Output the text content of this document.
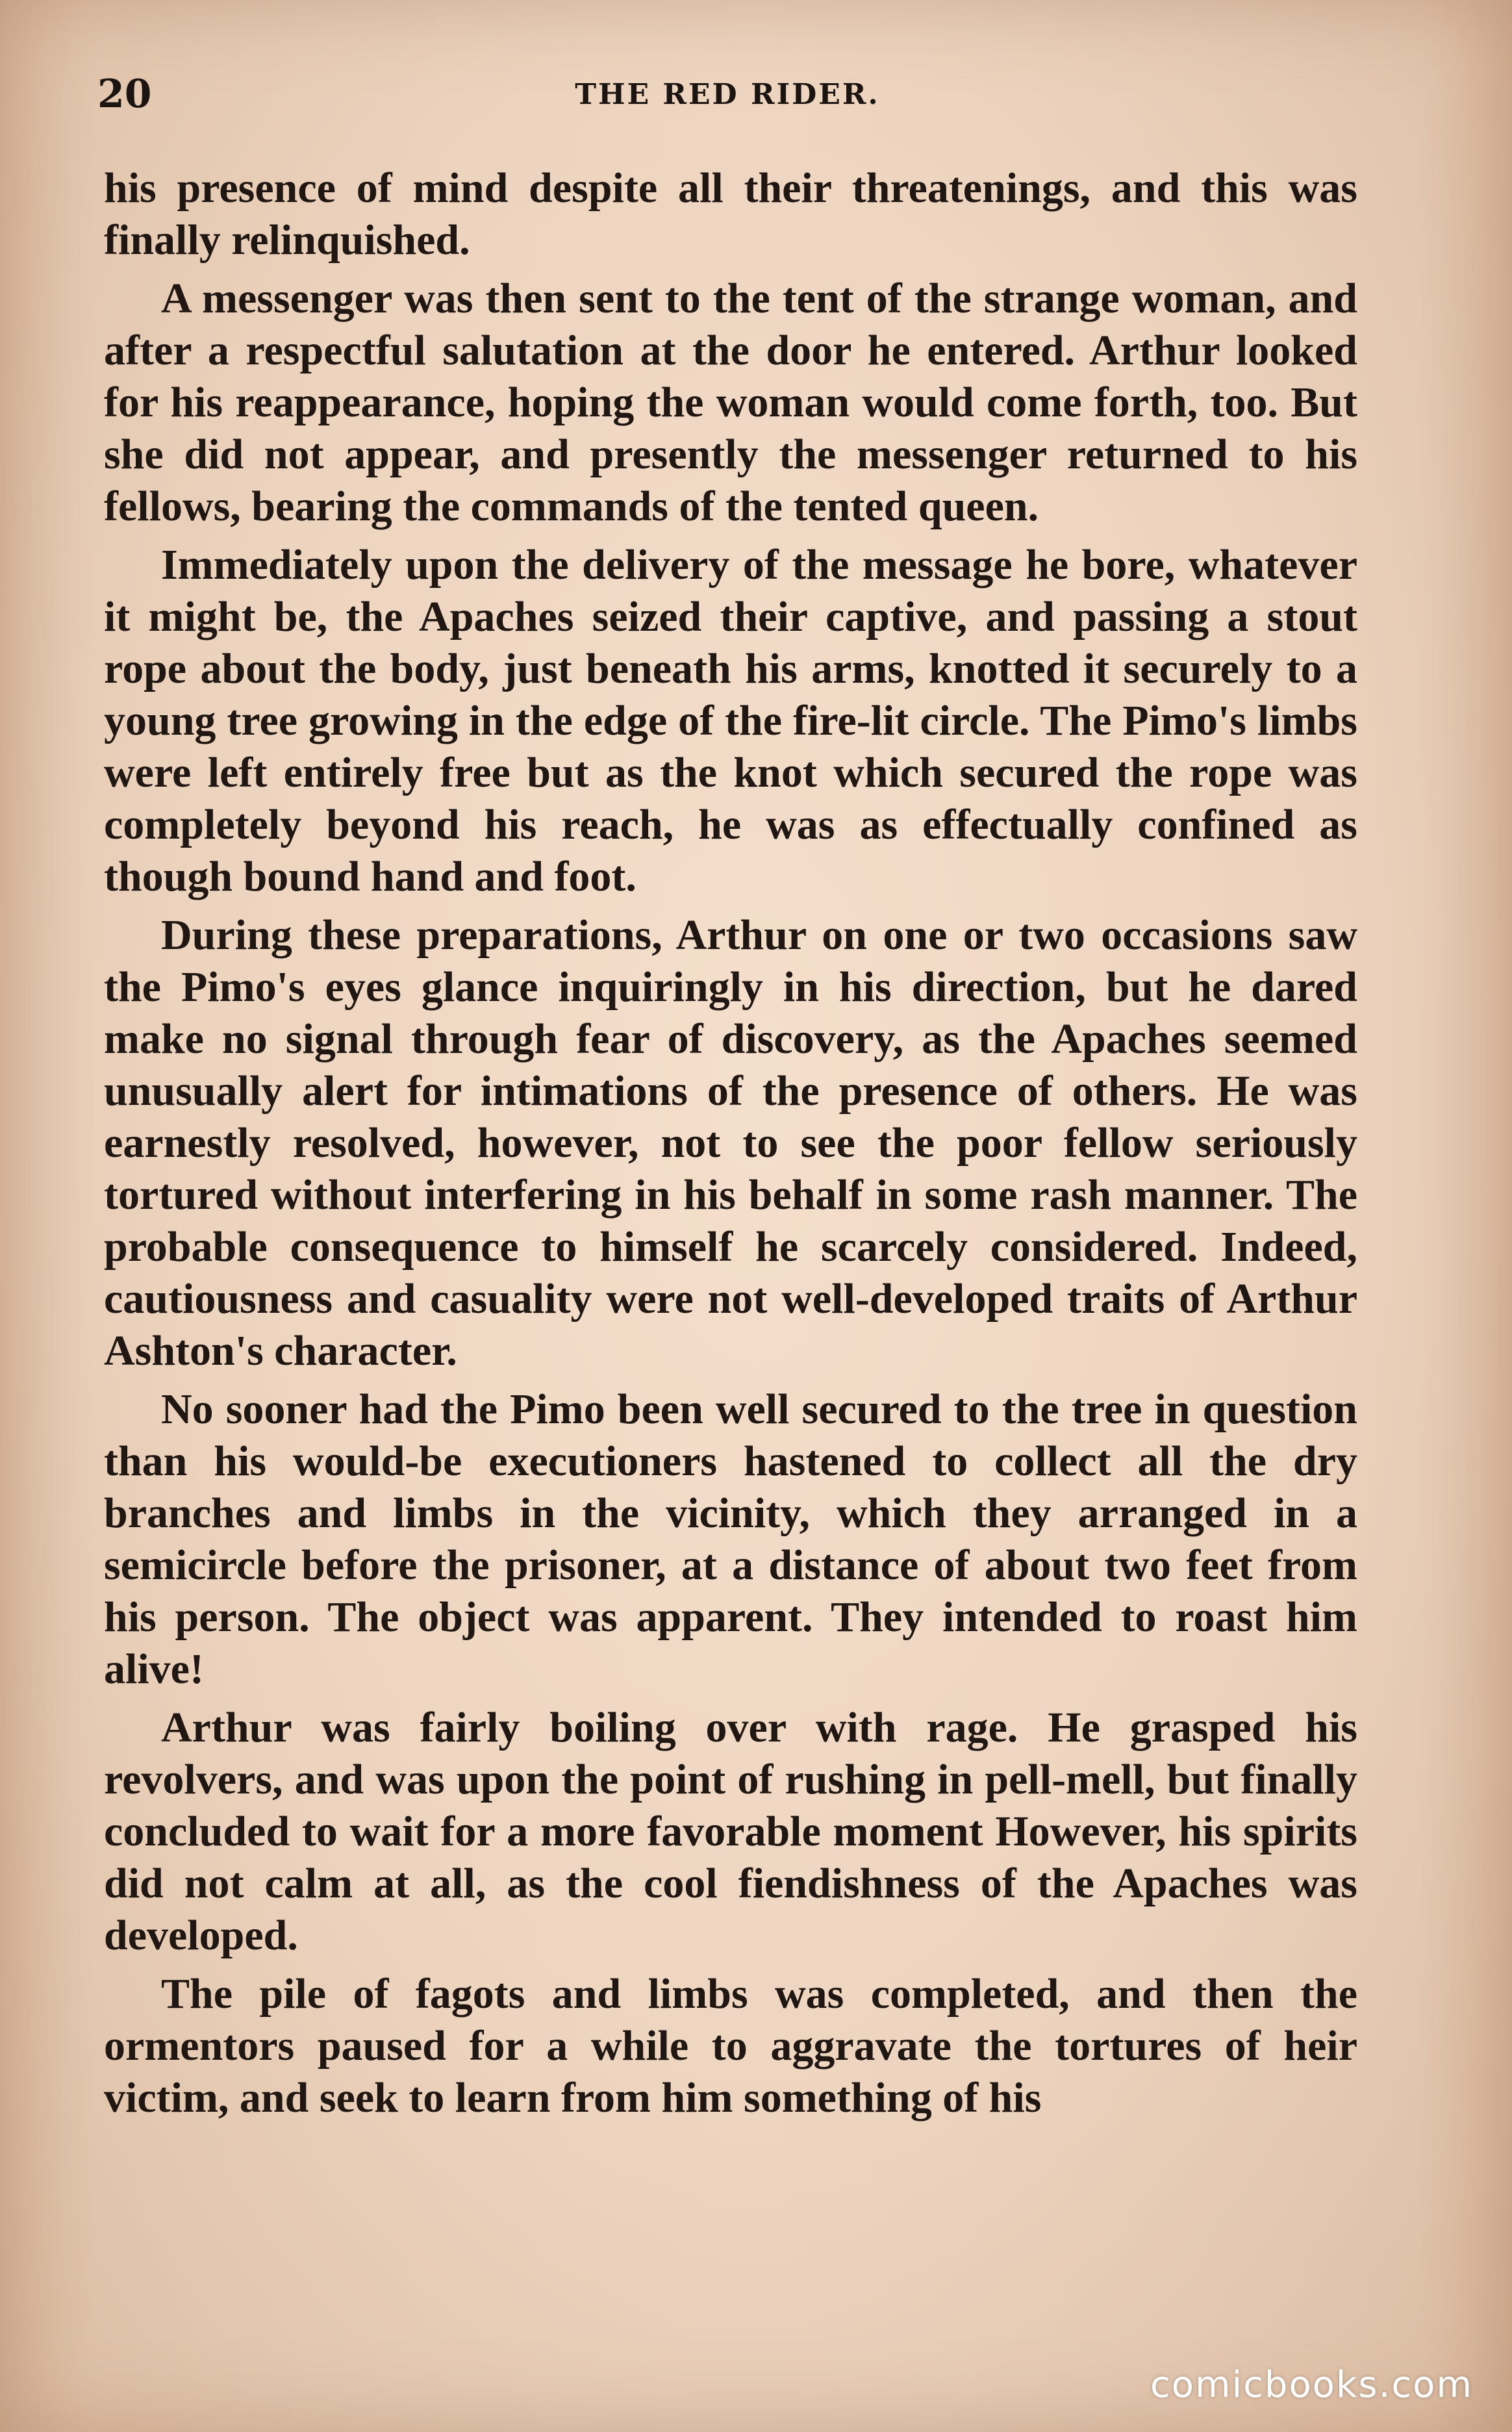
20	THE RED RIDER.

his presence of mind despite all their threatenings, and this was finally relinquished.

A messenger was then sent to the tent of the strange woman, and after a respectful salutation at the door he entered. Arthur looked for his reappearance, hoping the woman would come forth, too. But she did not appear, and presently the messenger returned to his fellows, bearing the commands of the tented queen.

Immediately upon the delivery of the message he bore, whatever it might be, the Apaches seized their captive, and passing a stout rope about the body, just beneath his arms, knotted it securely to a young tree growing in the edge of the fire-lit circle. The Pimo's limbs were left entirely free but as the knot which secured the rope was completely beyond his reach, he was as effectually confined as though bound hand and foot.

During these preparations, Arthur on one or two occasions saw the Pimo's eyes glance inquiringly in his direction, but he dared make no signal through fear of discovery, as the Apaches seemed unusually alert for intimations of the presence of others. He was earnestly resolved, however, not to see the poor fellow seriously tortured without interfering in his behalf in some rash manner. The probable consequence to himself he scarcely considered. Indeed, cautiousness and casuality were not well-developed traits of Arthur Ashton's character.

No sooner had the Pimo been well secured to the tree in question than his would-be executioners hastened to collect all the dry branches and limbs in the vicinity, which they arranged in a semicircle before the prisoner, at a distance of about two feet from his person. The object was apparent. They intended to roast him alive!

Arthur was fairly boiling over with rage. He grasped his revolvers, and was upon the point of rushing in pell-mell, but finally concluded to wait for a more favorable moment However, his spirits did not calm at all, as the cool fiendishness of the Apaches was developed.

The pile of fagots and limbs was completed, and then the ormentors paused for a while to aggravate the tortures of heir victim, and seek to learn from him something of his

comicbooks.com
